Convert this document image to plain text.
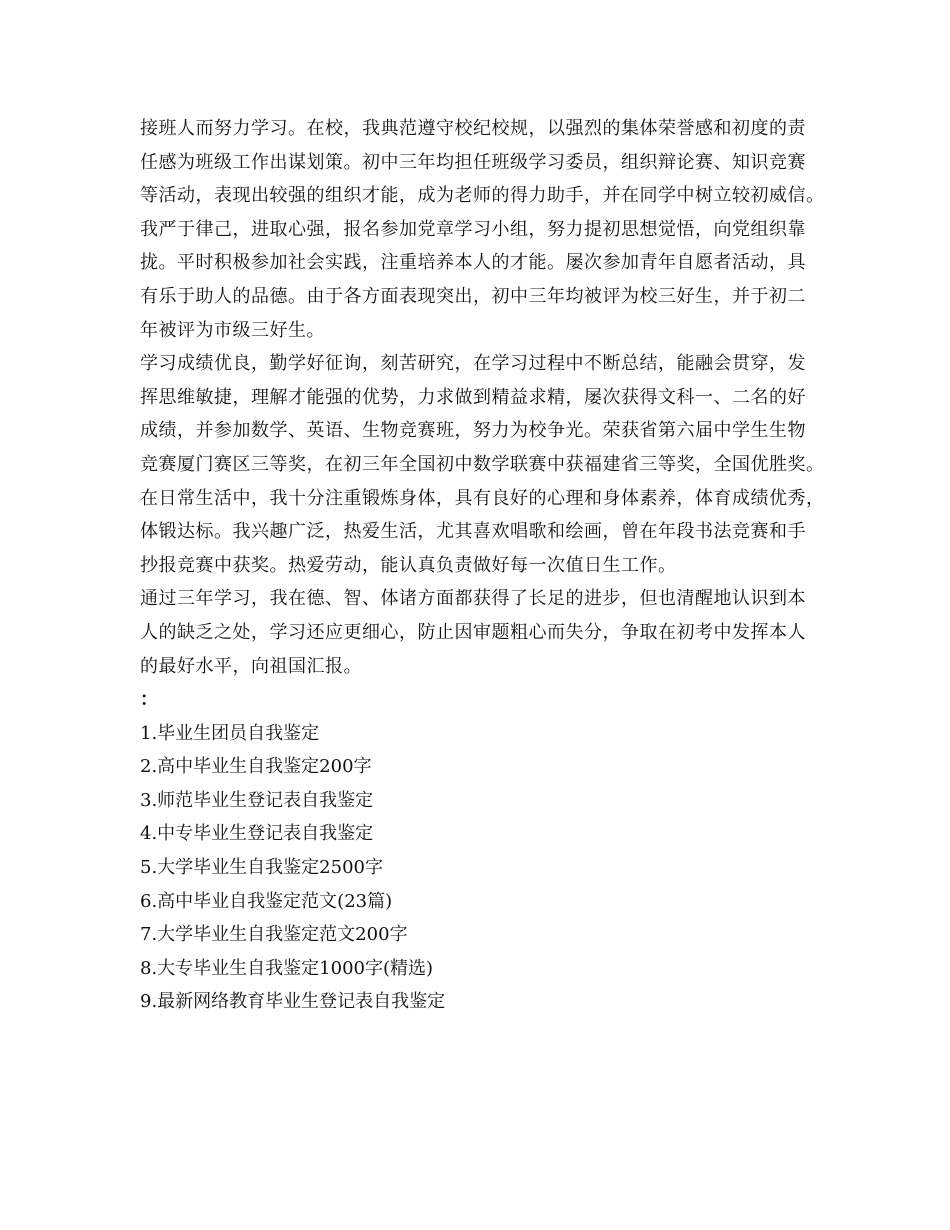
接班人而努力学习。在校，我典范遵守校纪校规，以强烈的集体荣誉感和初度的责
任感为班级工作出谋划策。初中三年均担任班级学习委员，组织辩论赛、知识竞赛
等活动，表现出较强的组织才能，成为老师的得力助手，并在同学中树立较初威信。
我严于律己，进取心强，报名参加党章学习小组，努力提初思想觉悟，向党组织靠
拢。平时积极参加社会实践，注重培养本人的才能。屡次参加青年自愿者活动，具
有乐于助人的品德。由于各方面表现突出，初中三年均被评为校三好生，并于初二
年被评为市级三好生。
学习成绩优良，勤学好征询，刻苦研究，在学习过程中不断总结，能融会贯穿，发
挥思维敏捷，理解才能强的优势，力求做到精益求精，屡次获得文科一、二名的好
成绩，并参加数学、英语、生物竞赛班，努力为校争光。荣获省第六届中学生生物
竞赛厦门赛区三等奖，在初三年全国初中数学联赛中获福建省三等奖，全国优胜奖。
在日常生活中，我十分注重锻炼身体，具有良好的心理和身体素养，体育成绩优秀，
体锻达标。我兴趣广泛，热爱生活，尤其喜欢唱歌和绘画，曾在年段书法竞赛和手
抄报竞赛中获奖。热爱劳动，能认真负责做好每一次值日生工作。
通过三年学习，我在德、智、体诸方面都获得了长足的进步，但也清醒地认识到本
人的缺乏之处，学习还应更细心，防止因审题粗心而失分，争取在初考中发挥本人
的最好水平，向祖国汇报。
：
1.毕业生团员自我鉴定
2.高中毕业生自我鉴定200字
3.师范毕业生登记表自我鉴定
4.中专毕业生登记表自我鉴定
5.大学毕业生自我鉴定2500字
6.高中毕业自我鉴定范文(23篇)
7.大学毕业生自我鉴定范文200字
8.大专毕业生自我鉴定1000字(精选)
9.最新网络教育毕业生登记表自我鉴定
